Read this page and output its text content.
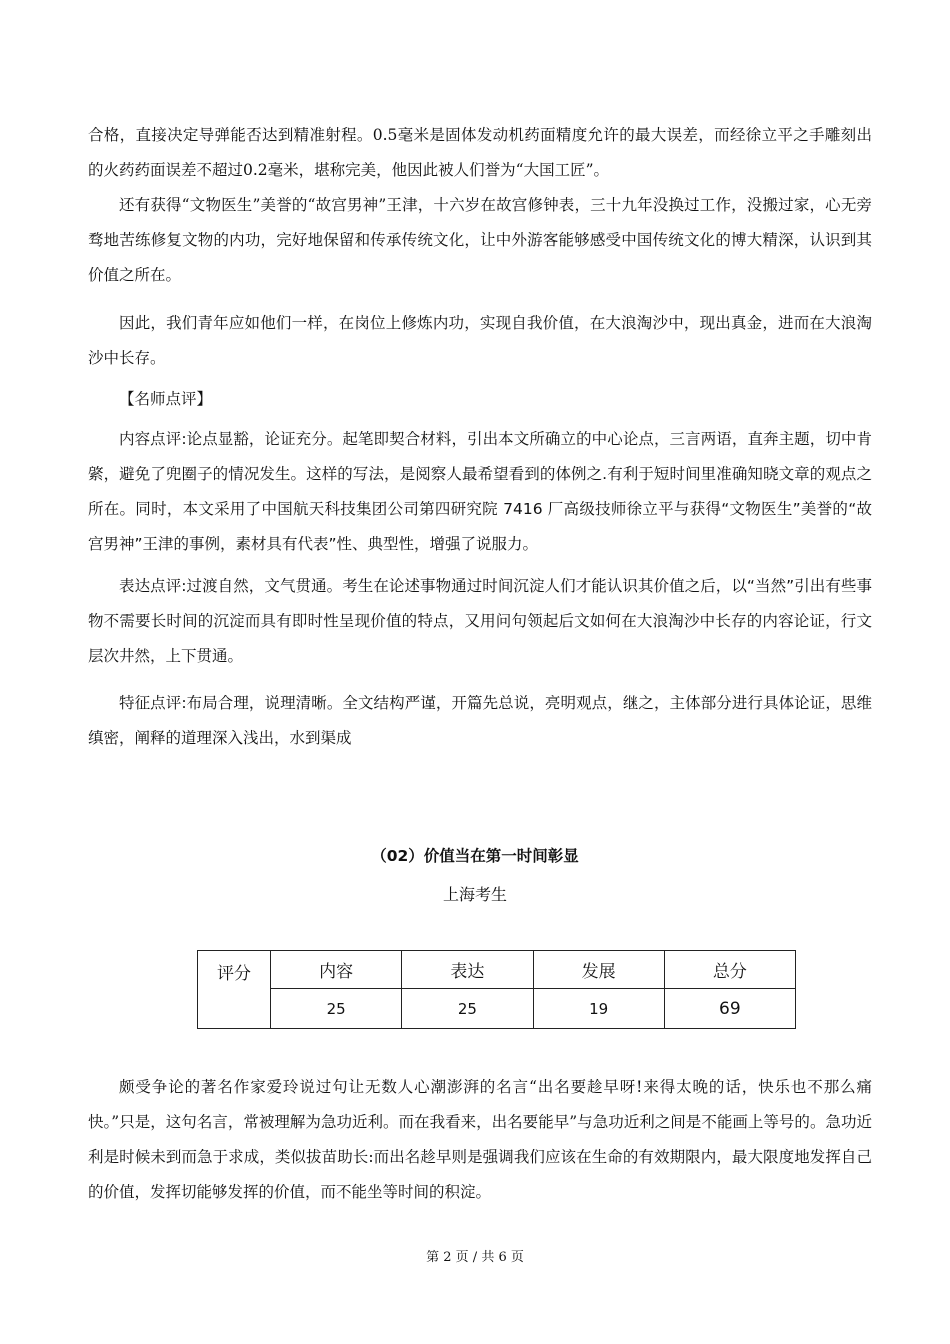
合格，直接决定导弹能否达到精准射程。0.5毫米是固体发动机药面精度允许的最大误差，而经徐立平之手雕刻出的火药药面误差不超过0.2毫米，堪称完美，他因此被人们誉为“大国工匠”。

还有获得“文物医生”美誉的“故宫男神”王津，十六岁在故宫修钟表，三十九年没换过工作，没搬过家，心无旁骛地苦练修复文物的内功，完好地保留和传承传统文化，让中外游客能够感受中国传统文化的博大精深，认识到其价值之所在。

因此，我们青年应如他们一样，在岗位上修炼内功，实现自我价值，在大浪淘沙中，现出真金，进而在大浪淘沙中长存。

【名师点评】

内容点评:论点显豁，论证充分。起笔即契合材料，引出本文所确立的中心论点，三言两语，直奔主题，切中肯綮，避免了兜圈子的情况发生。这样的写法，是阅察人最希望看到的体例之.有利于短时间里准确知晓文章的观点之所在。同时，本文采用了中国航天科技集团公司第四研究院 7416 厂高级技师徐立平与获得“文物医生”美誉的“故宫男神”王津的事例，素材具有代表”性、典型性，增强了说服力。

表达点评:过渡自然，文气贯通。考生在论述事物通过时间沉淀人们才能认识其价值之后，以“当然”引出有些事物不需要长时间的沉淀而具有即时性呈现价值的特点，又用问句领起后文如何在大浪淘沙中长存的内容论证，行文层次井然，上下贯通。

特征点评:布局合理，说理清晰。全文结构严谨，开篇先总说，亮明观点，继之，主体部分进行具体论证，思维缜密，阐释的道理深入浅出，水到渠成

（02）价值当在第一时间彰显
上海考生
评分	内容	表达	发展	总分
	25	25	19	69

颇受争论的著名作家爱玲说过句让无数人心潮澎湃的名言“出名要趁早呀!来得太晚的话，快乐也不那么痛快。”只是，这句名言，常被理解为急功近利。而在我看来，出名要能早”与急功近利之间是不能画上等号的。急功近利是时候未到而急于求成，类似拔苗助长:而出名趁早则是强调我们应该在生命的有效期限内，最大限度地发挥自己的价值，发挥切能够发挥的价值，而不能坐等时间的积淀。

第 2 页 / 共 6 页
